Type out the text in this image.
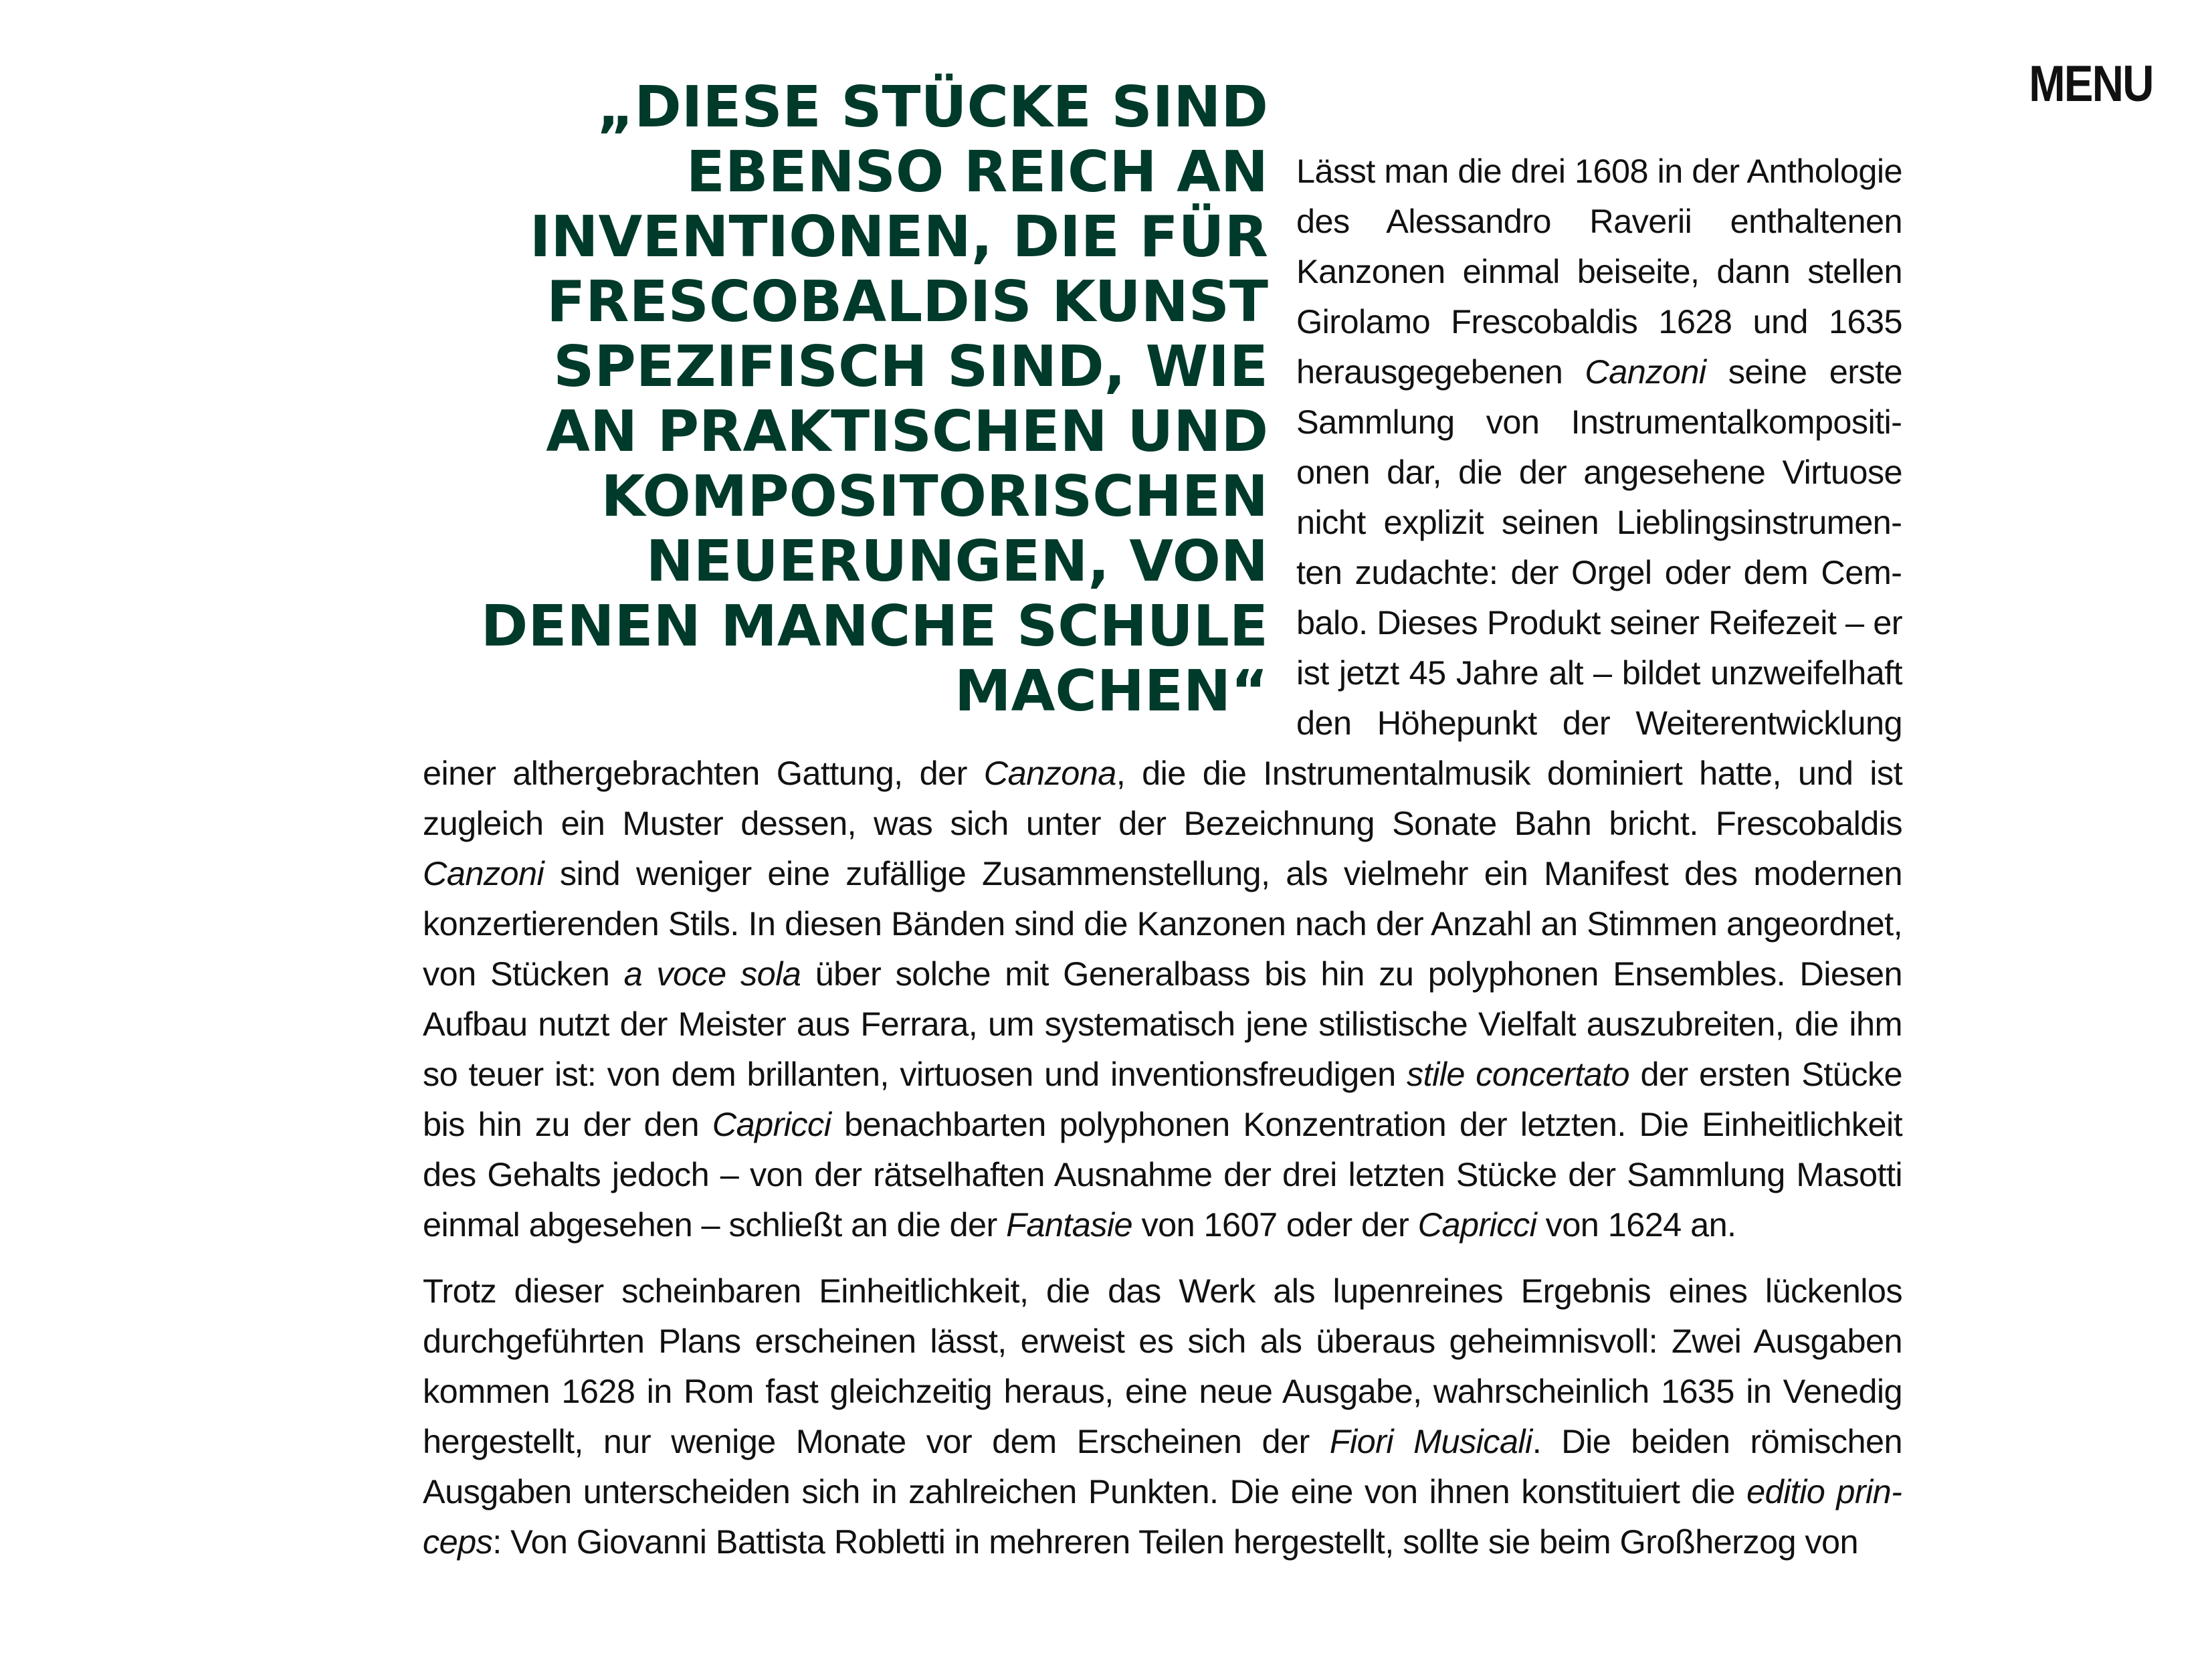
MENU
„DIESE STÜCKE SIND
EBENSO REICH AN
INVENTIONEN, DIE FÜR
FRESCOBALDIS KUNST
SPEZIFISCH SIND, WIE
AN PRAKTISCHEN UND
KOMPOSITORISCHEN
NEUERUNGEN, VON
DENEN MANCHE SCHULE
MACHEN“

Lässt man die drei 1608 in der Anthologie des Alessandro Raverii enthaltenen Kanzonen einmal beiseite, dann stellen Girolamo Frescobaldis 1628 und 1635 herausgegebenen Canzoni seine erste Sammlung von Instrumentalkompositionen dar, die der angesehene Virtuose nicht explizit seinen Lieblingsinstrumenten zudachte: der Orgel oder dem Cembalo. Dieses Produkt seiner Reifezeit – er ist jetzt 45 Jahre alt – bildet unzweifelhaft den Höhepunkt der Weiterentwicklung einer althergebrachten Gattung, der Canzona, die die Instrumentalmusik dominiert hatte, und ist zugleich ein Muster dessen, was sich unter der Bezeichnung Sonate Bahn bricht. Frescobaldis Canzoni sind weniger eine zufällige Zusammenstellung, als vielmehr ein Manifest des modernen konzertierenden Stils. In diesen Bänden sind die Kanzonen nach der Anzahl an Stimmen angeordnet, von Stücken a voce sola über solche mit Generalbass bis hin zu polyphonen Ensembles. Diesen Aufbau nutzt der Meister aus Ferrara, um systematisch jene stilistische Vielfalt auszubreiten, die ihm so teuer ist: von dem brillanten, virtuosen und inventionsfreudigen stile concertato der ersten Stücke bis hin zu der den Capricci benachbarten polyphonen Konzentration der letzten. Die Einheitlichkeit des Gehalts jedoch – von der rätselhaften Ausnahme der drei letzten Stücke der Sammlung Masotti einmal abgesehen – schließt an die der Fantasie von 1607 oder der Capricci von 1624 an.

Trotz dieser scheinbaren Einheitlichkeit, die das Werk als lupenreines Ergebnis eines lückenlos durchgeführten Plans erscheinen lässt, erweist es sich als überaus geheimnisvoll: Zwei Ausgaben kommen 1628 in Rom fast gleichzeitig heraus, eine neue Ausgabe, wahrscheinlich 1635 in Venedig hergestellt, nur wenige Monate vor dem Erscheinen der Fiori Musicali. Die beiden römischen Ausgaben unterscheiden sich in zahlreichen Punkten. Die eine von ihnen konstituiert die editio princeps: Von Giovanni Battista Robletti in mehreren Teilen hergestellt, sollte sie beim Großherzog von
